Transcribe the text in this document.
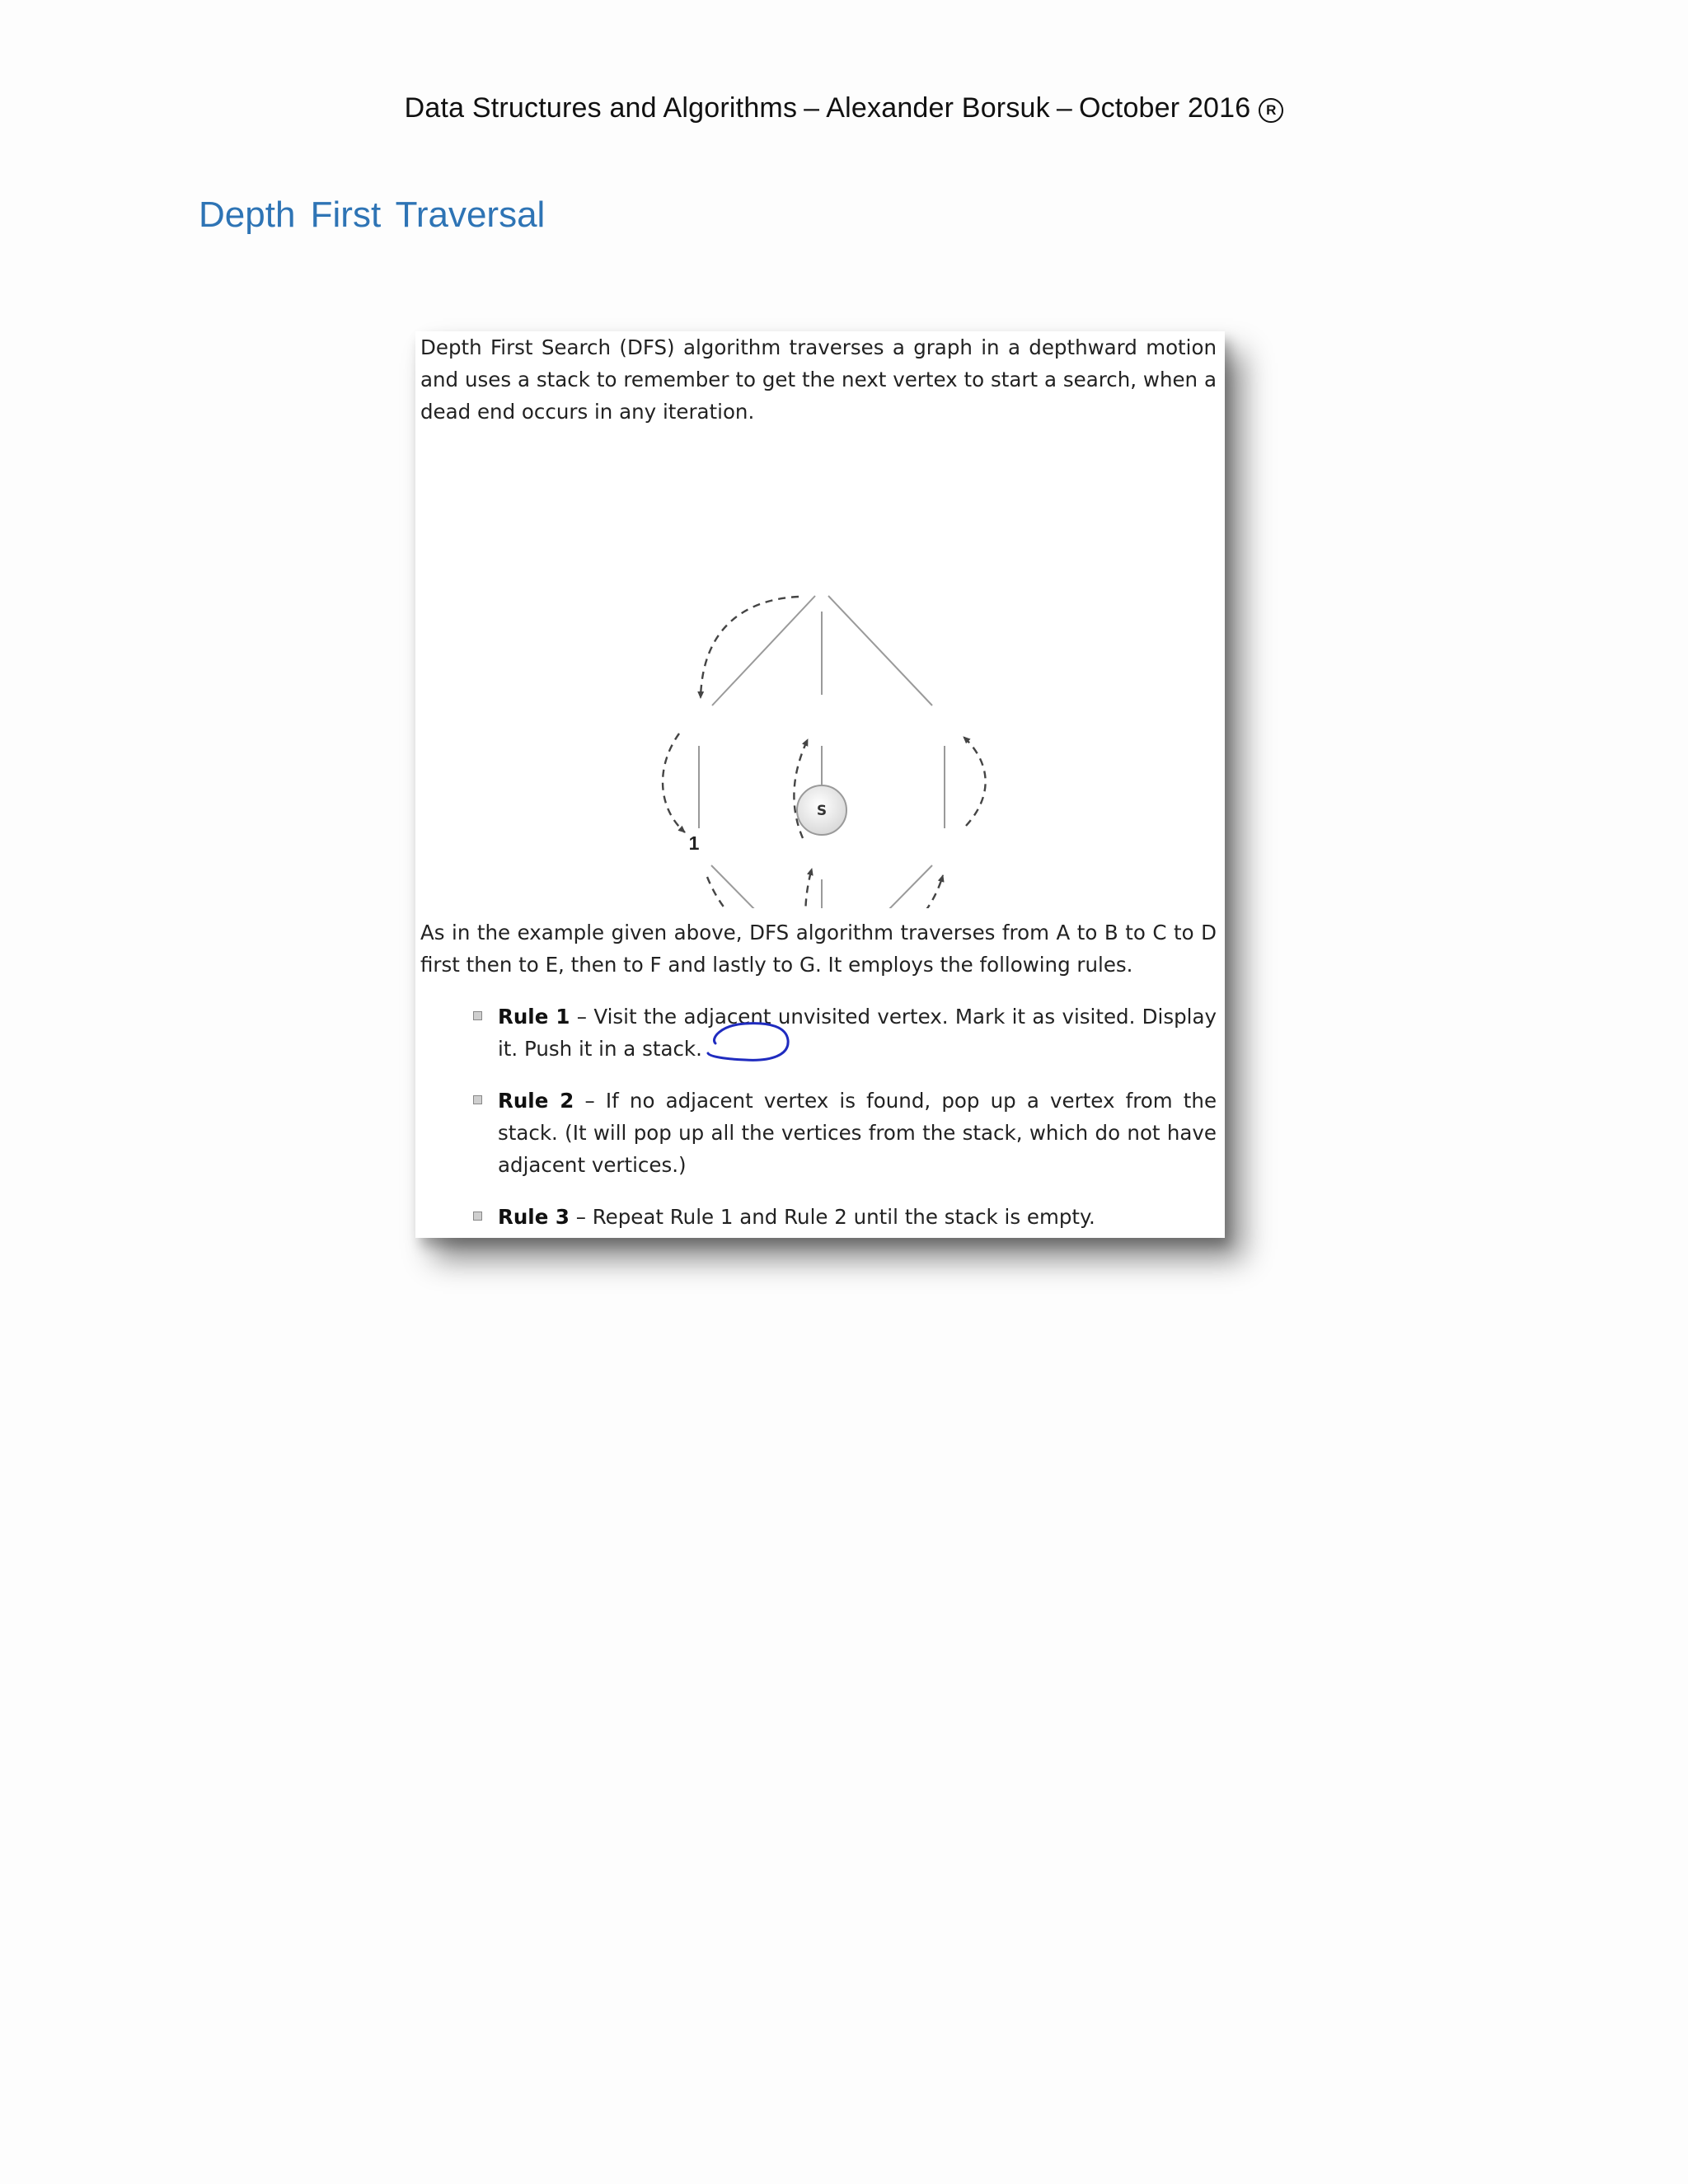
Data Structures and Algorithms – Alexander Borsuk – October 2016 R
Depth First Traversal

Depth First Search (DFS) algorithm traverses a graph in a depthward motion and uses a stack to remember to get the next vertex to start a search, when a dead end occurs in any iteration.

1
S

As in the example given above, DFS algorithm traverses from A to B to C to D first then to E, then to F and lastly to G. It employs the following rules.

Rule 1 – Visit the adjacent unvisited vertex. Mark it as visited. Display it. Push it in a stack.
Rule 2 – If no adjacent vertex is found, pop up a vertex from the stack. (It will pop up all the vertices from the stack, which do not have adjacent vertices.)
Rule 3 – Repeat Rule 1 and Rule 2 until the stack is empty.
